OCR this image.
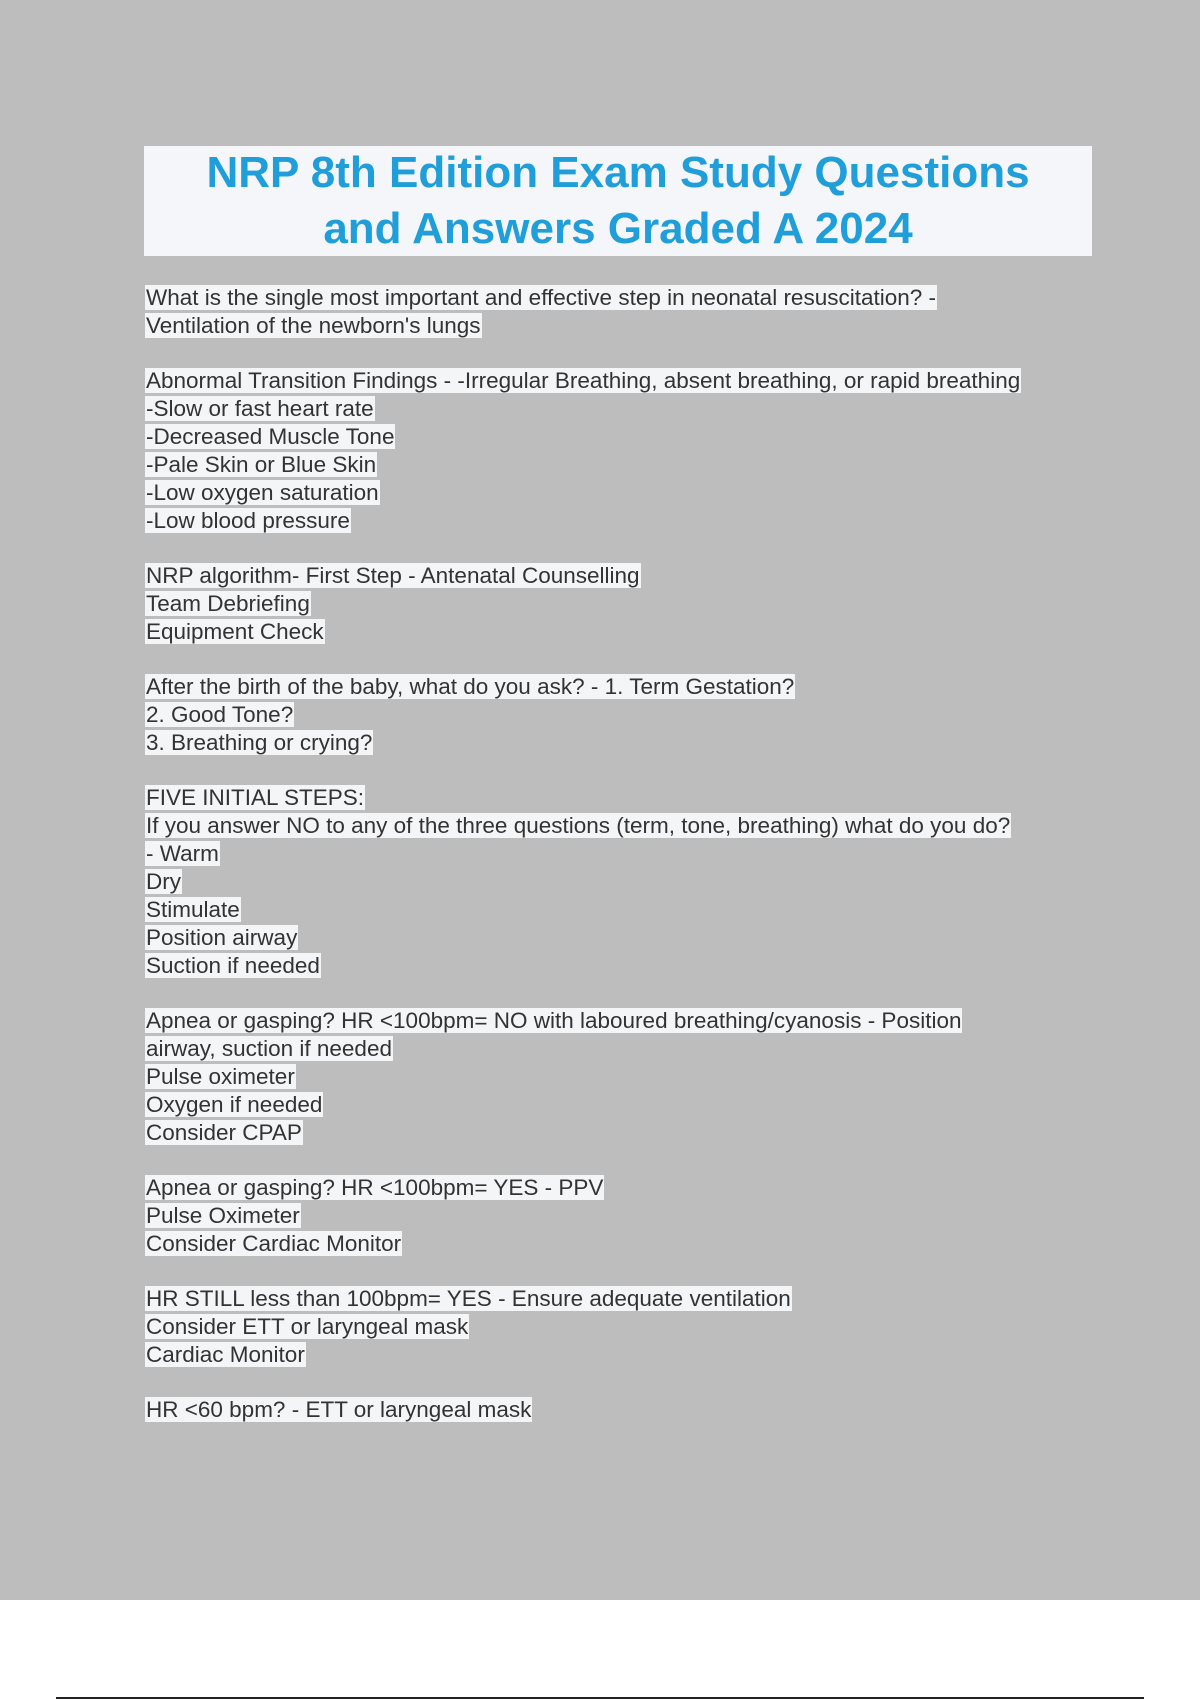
NRP 8th Edition Exam Study Questions
and Answers Graded A 2024
What is the single most important and effective step in neonatal resuscitation? -
Ventilation of the newborn's lungs
Abnormal Transition Findings - -Irregular Breathing, absent breathing, or rapid breathing
-Slow or fast heart rate
-Decreased Muscle Tone
-Pale Skin or Blue Skin
-Low oxygen saturation
-Low blood pressure
NRP algorithm- First Step - Antenatal Counselling
Team Debriefing
Equipment Check
After the birth of the baby, what do you ask? - 1. Term Gestation?
2. Good Tone?
3. Breathing or crying?
FIVE INITIAL STEPS:
If you answer NO to any of the three questions (term, tone, breathing) what do you do?
- Warm
Dry
Stimulate
Position airway
Suction if needed
Apnea or gasping? HR <100bpm= NO with laboured breathing/cyanosis - Position
airway, suction if needed
Pulse oximeter
Oxygen if needed
Consider CPAP
Apnea or gasping? HR <100bpm= YES - PPV
Pulse Oximeter
Consider Cardiac Monitor
HR STILL less than 100bpm= YES - Ensure adequate ventilation
Consider ETT or laryngeal mask
Cardiac Monitor
HR <60 bpm? - ETT or laryngeal mask
